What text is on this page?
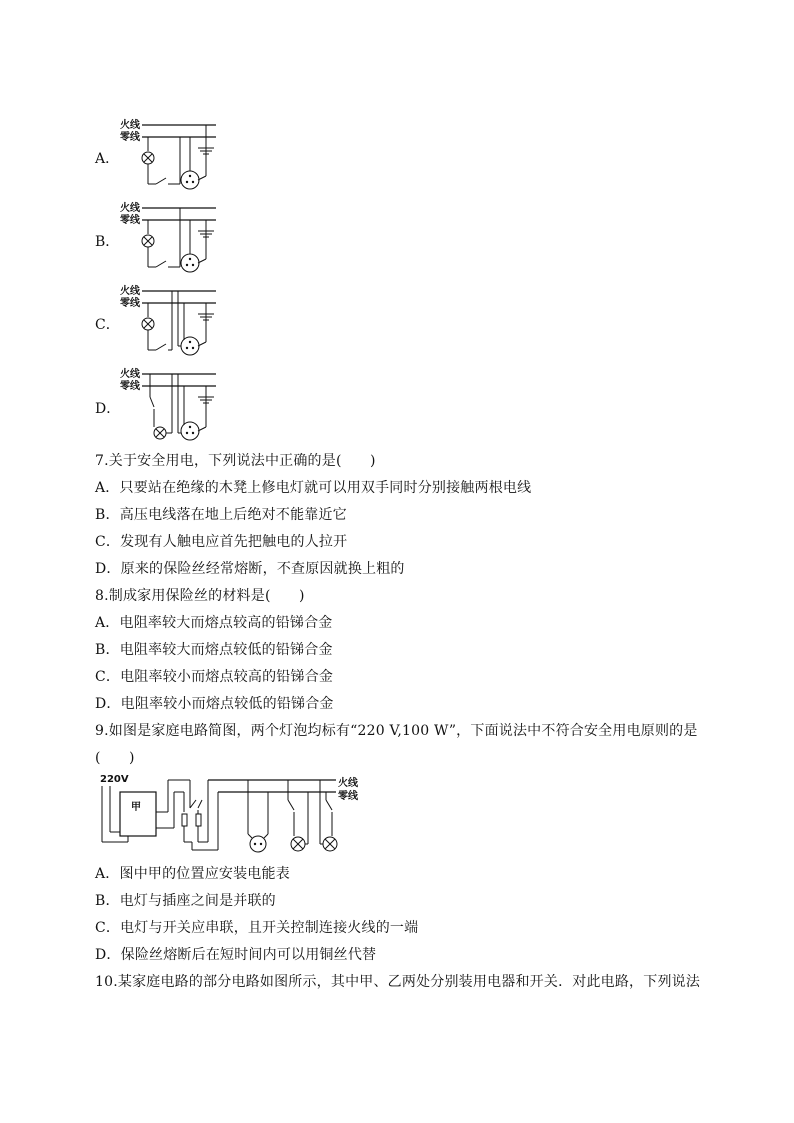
A．
火线
零线
B．
火线
零线
C．
火线
零线
D．
火线
零线
7.关于安全用电，下列说法中正确的是(　　)
A．只要站在绝缘的木凳上修电灯就可以用双手同时分别接触两根电线
B．高压电线落在地上后绝对不能靠近它
C．发现有人触电应首先把触电的人拉开
D．原来的保险丝经常熔断，不查原因就换上粗的
8.制成家用保险丝的材料是(　　)
A．电阻率较大而熔点较高的铅锑合金
B．电阻率较大而熔点较低的铅锑合金
C．电阻率较小而熔点较高的铅锑合金
D．电阻率较小而熔点较低的铅锑合金
9.如图是家庭电路简图，两个灯泡均标有“220 V,100 W”，下面说法中不符合安全用电原则的是
(　　)
220V	火线
零线
甲
A．图中甲的位置应安装电能表
B．电灯与插座之间是并联的
C．电灯与开关应串联，且开关控制连接火线的一端
D．保险丝熔断后在短时间内可以用铜丝代替
10.某家庭电路的部分电路如图所示，其中甲、乙两处分别装用电器和开关．对此电路，下列说法
